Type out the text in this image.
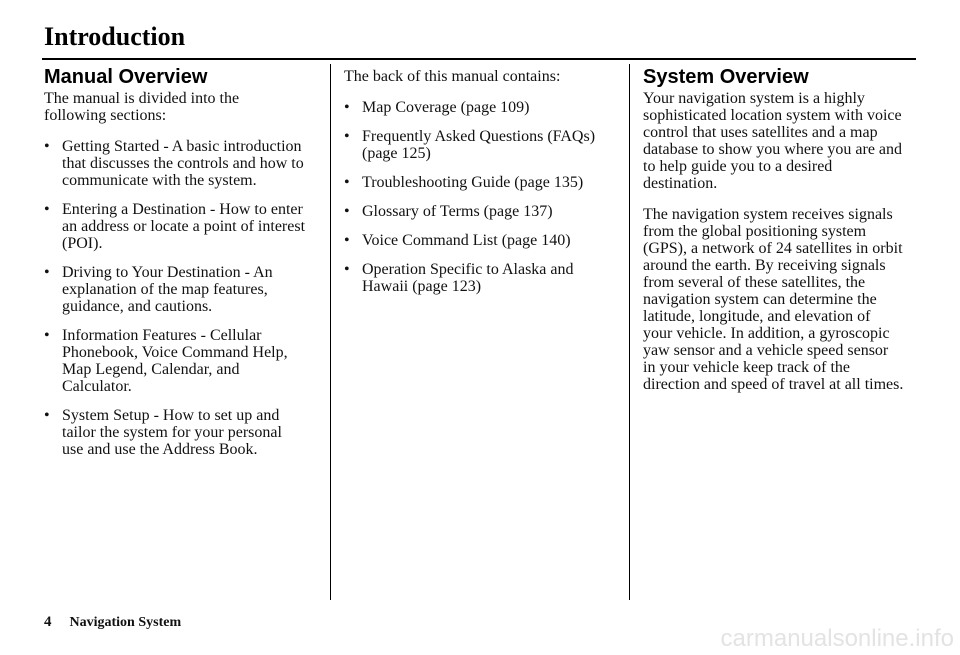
Introduction
Manual Overview

The manual is divided into the
following sections:

• Getting Started - A basic introduction
that discusses the controls and how to
communicate with the system.
• Entering a Destination - How to enter
an address or locate a point of interest
(POI).
• Driving to Your Destination - An
explanation of the map features,
guidance, and cautions.
• Information Features - Cellular
Phonebook, Voice Command Help,
Map Legend, Calendar, and
Calculator.
• System Setup - How to set up and
tailor the system for your personal
use and use the Address Book.

The back of this manual contains:

• Map Coverage (page 109)
• Frequently Asked Questions (FAQs)
(page 125)
• Troubleshooting Guide (page 135)
• Glossary of Terms (page 137)
• Voice Command List (page 140)
• Operation Specific to Alaska and
Hawaii (page 123)
System Overview

Your navigation system is a highly
sophisticated location system with voice
control that uses satellites and a map
database to show you where you are and
to help guide you to a desired
destination.

The navigation system receives signals
from the global positioning system
(GPS), a network of 24 satellites in orbit
around the earth. By receiving signals
from several of these satellites, the
navigation system can determine the
latitude, longitude, and elevation of
your vehicle. In addition, a gyroscopic
yaw sensor and a vehicle speed sensor
in your vehicle keep track of the
direction and speed of travel at all times.

4 Navigation System
carmanualsonline.info
